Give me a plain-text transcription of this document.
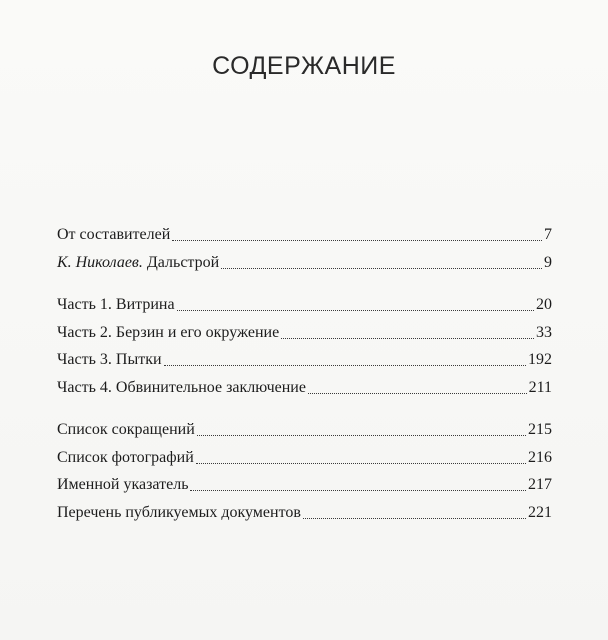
СОДЕРЖАНИЕ
От составителей	7
К. Николаев. Дальстрой	9
Часть 1. Витрина	20
Часть 2. Берзин и его окружение	33
Часть 3. Пытки	192
Часть 4. Обвинительное заключение	211
Список сокращений	215
Список фотографий	216
Именной указатель	217
Перечень публикуемых документов	221
